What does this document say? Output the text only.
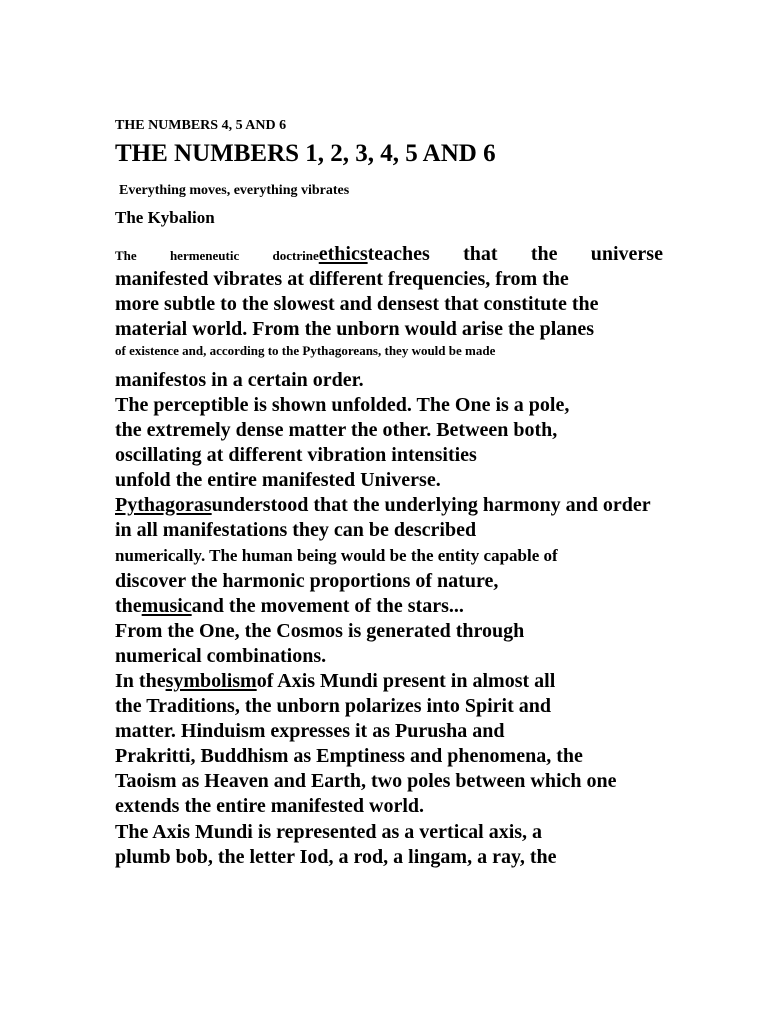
THE NUMBERS 4, 5 AND 6
THE NUMBERS 1, 2, 3, 4, 5 AND 6
Everything moves, everything vibrates
The Kybalion
The	hermeneutic	doctrineethicsteaches that the universe
manifested vibrates at different frequencies, from the
more subtle to the slowest and densest that constitute the
material world. From the unborn would arise the planes
of existence and, according to the Pythagoreans, they would be made
manifestos in a certain order.
The perceptible is shown unfolded. The One is a pole,
the extremely dense matter the other. Between both,
oscillating at different vibration intensities
unfold the entire manifested Universe.
Pythagorasunderstood that the underlying harmony and order
in all manifestations they can be described
numerically. The human being would be the entity capable of
discover the harmonic proportions of nature,
themusicand the movement of the stars...
From the One, the Cosmos is generated through
numerical combinations.
In thesymbolismof Axis Mundi present in almost all
the Traditions, the unborn polarizes into Spirit and
matter. Hinduism expresses it as Purusha and
Prakritti, Buddhism as Emptiness and phenomena, the
Taoism as Heaven and Earth, two poles between which one
extends the entire manifested world.
The Axis Mundi is represented as a vertical axis, a
plumb bob, the letter Iod, a rod, a lingam, a ray, the
